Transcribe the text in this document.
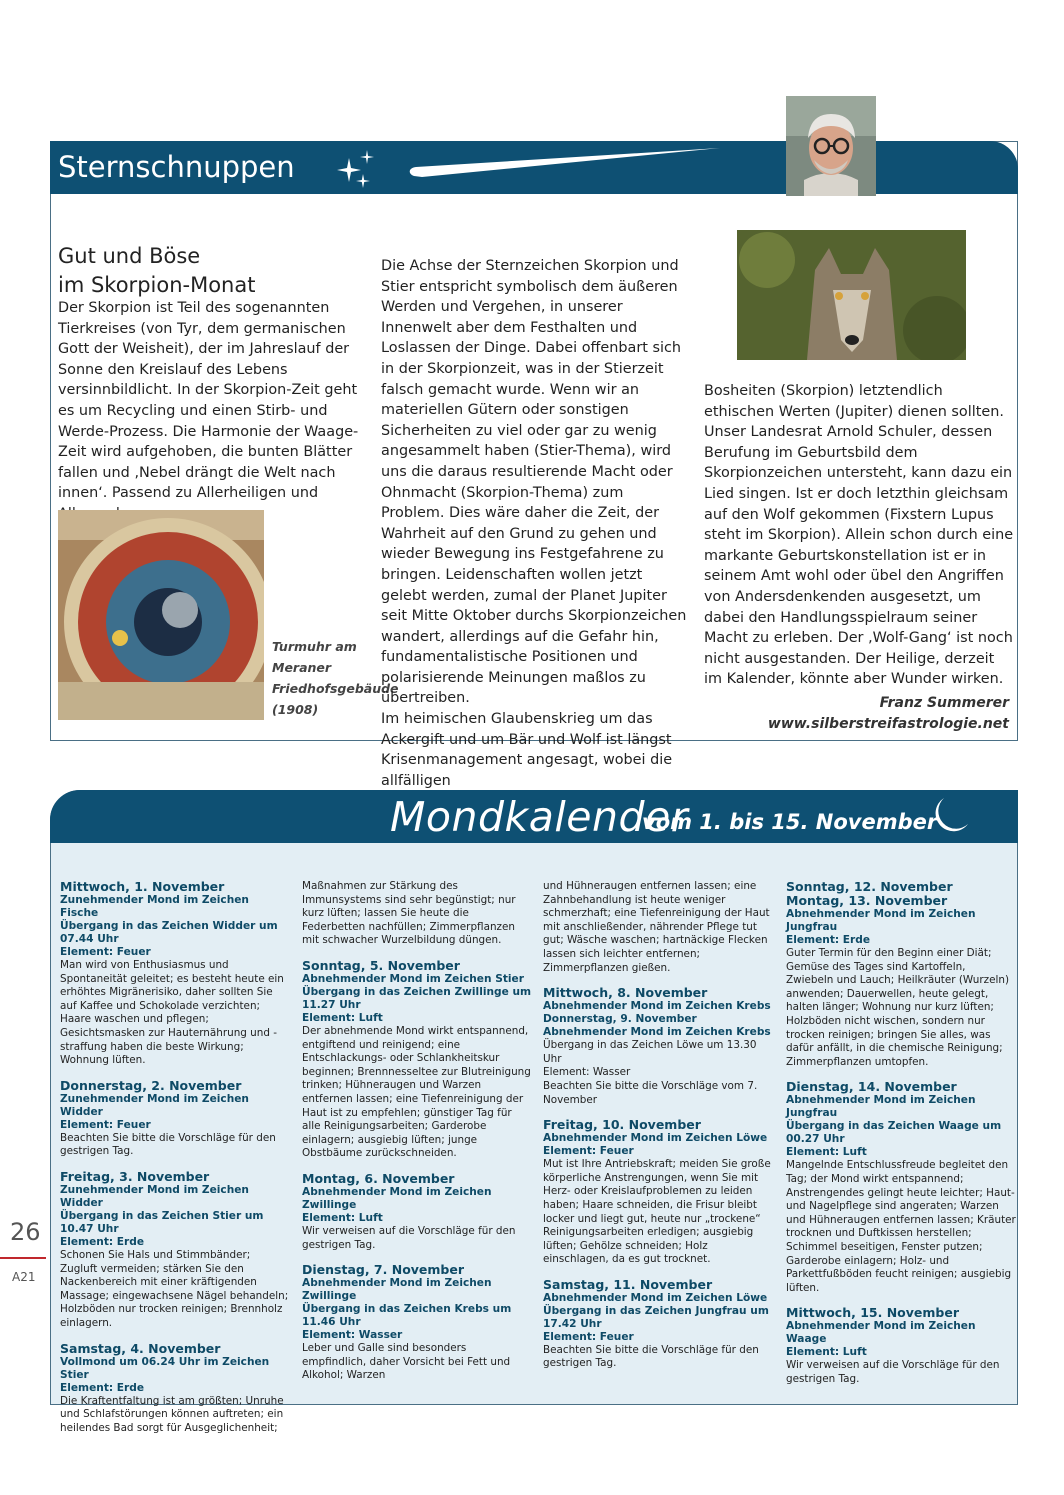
Sternschnuppen
Gut und Böse
im Skorpion-Monat

Der Skorpion ist Teil des sogenannten Tierkreises (von Tyr, dem germanischen Gott der Weisheit), der im Jahreslauf der Sonne den Kreislauf des Lebens versinnbildlicht. In der Skorpion-Zeit geht es um Recycling und einen Stirb- und Werde-Prozess. Die Harmonie der Waage-Zeit wird aufgehoben, die bunten Blätter fallen und ‚Nebel drängt die Welt nach innen‘. Passend zu Allerheiligen und

Turmuhr am Meraner Friedhofsgebäude (1908)

Die Achse der Sternzeichen Skorpion und Stier entspricht symbolisch dem äußeren Werden und Vergehen, in unserer Innenwelt aber dem Festhalten und Loslassen der Dinge. Dabei offenbart sich in der Skorpionzeit, was in der Stierzeit falsch gemacht wurde. Wenn wir an materiellen Gütern oder sonstigen Sicherheiten zu viel oder gar zu wenig angesammelt haben (Stier-Thema), wird uns die daraus resultierende Macht oder Ohnmacht (Skorpion-Thema) zum Problem. Dies wäre daher die Zeit, der Wahrheit auf den Grund zu gehen und wieder Bewegung ins Festgefahrene zu bringen. Leidenschaften wollen jetzt gelebt werden, zumal der Planet Jupiter seit Mitte Oktober durchs Skorpionzeichen wandert, allerdings auf die Gefahr hin, fundamentalistische Positionen und polarisierende Meinungen maßlos zu übertreiben.

Im heimischen Glaubenskrieg um das Ackergift und um Bär und Wolf ist längst Krisenmanagement angesagt, wobei die allfälligen

Bosheiten (Skorpion) letztendlich ethischen Werten (Jupiter) dienen sollten.

Unser Landesrat Arnold Schuler, dessen Berufung im Geburtsbild dem Skorpionzeichen untersteht, kann dazu ein Lied singen. Ist er doch letzthin gleichsam auf den Wolf gekommen (Fixstern Lupus steht im Skorpion). Allein schon durch eine markante Geburtskonstellation ist er in seinem Amt wohl oder übel den Angriffen von Andersdenkenden ausgesetzt, um dabei den Handlungsspielraum seiner Macht zu erleben. Der ‚Wolf-Gang‘ ist noch nicht ausgestanden. Der Heilige, derzeit im Kalender, könnte aber Wunder wirken.

Franz Summerer
www.silberstreifastrologie.net
Mondkalender
vom 1. bis 15. November
Mittwoch, 1. November
Zunehmender Mond im Zeichen Fische
Übergang in das Zeichen Widder um 07.44 Uhr
Element: Feuer
Man wird von Enthusiasmus und Spontaneität geleitet; es besteht heute ein erhöhtes Migränerisiko, daher sollten Sie auf Kaffee und Schokolade verzichten; Haare waschen und pflegen; Gesichtsmasken zur Hauternährung und -straffung haben die beste Wirkung; Wohnung lüften.
Donnerstag, 2. November
Zunehmender Mond im Zeichen Widder
Element: Feuer
Beachten Sie bitte die Vorschläge für den gestrigen Tag.
Freitag, 3. November
Zunehmender Mond im Zeichen Widder
Übergang in das Zeichen Stier um 10.47 Uhr
Element: Erde
Schonen Sie Hals und Stimmbänder; Zugluft vermeiden; stärken Sie den Nackenbereich mit einer kräftigenden Massage; eingewachsene Nägel behandeln; Holzböden nur trocken reinigen; Brennholz einlagern.
Samstag, 4. November
Vollmond um 06.24 Uhr im Zeichen Stier
Element: Erde
Die Kraftentfaltung ist am größten; Unruhe und Schlafstörungen können auftreten; ein heilendes Bad sorgt für Ausgeglichenheit;
Maßnahmen zur Stärkung des Immunsystems sind sehr begünstigt; nur kurz lüften; lassen Sie heute die Federbetten nachfüllen; Zimmerpflanzen mit schwacher Wurzelbildung düngen.
Sonntag, 5. November
Abnehmender Mond im Zeichen Stier
Übergang in das Zeichen Zwillinge um 11.27 Uhr
Element: Luft
Der abnehmende Mond wirkt entspannend, entgiftend und reinigend; eine Entschlackungs- oder Schlankheitskur beginnen; Brennnesseltee zur Blutreinigung trinken; Hühneraugen und Warzen entfernen lassen; eine Tiefenreinigung der Haut ist zu empfehlen; günstiger Tag für alle Reinigungsarbeiten; Garderobe einlagern; ausgiebig lüften; junge Obstbäume zurückschneiden.
Montag, 6. November
Abnehmender Mond im Zeichen Zwillinge
Element: Luft
Wir verweisen auf die Vorschläge für den gestrigen Tag.
Dienstag, 7. November
Abnehmender Mond im Zeichen Zwillinge
Übergang in das Zeichen Krebs um 11.46 Uhr
Element: Wasser
Leber und Galle sind besonders empfindlich, daher Vorsicht bei Fett und Alkohol; Warzen
und Hühneraugen entfernen lassen; eine Zahnbehandlung ist heute weniger schmerzhaft; eine Tiefenreinigung der Haut mit anschließender, nährender Pflege tut gut; Wäsche waschen; hartnäckige Flecken lassen sich leichter entfernen; Zimmerpflanzen gießen.
Mittwoch, 8. November
Abnehmender Mond im Zeichen Krebs
Donnerstag, 9. November
Abnehmender Mond im Zeichen Krebs
Übergang in das Zeichen Löwe um 13.30 Uhr
Element: Wasser
Beachten Sie bitte die Vorschläge vom 7. November
Freitag, 10. November
Abnehmender Mond im Zeichen Löwe
Element: Feuer
Mut ist Ihre Antriebskraft; meiden Sie große körperliche Anstrengungen, wenn Sie mit Herz- oder Kreislaufproblemen zu leiden haben; Haare schneiden, die Frisur bleibt locker und liegt gut, heute nur „trockene“ Reinigungsarbeiten erledigen; ausgiebig lüften; Gehölze schneiden; Holz einschlagen, da es gut trocknet.
Samstag, 11. November
Abnehmender Mond im Zeichen Löwe
Übergang in das Zeichen Jungfrau um 17.42 Uhr
Element: Feuer
Beachten Sie bitte die Vorschläge für den gestrigen Tag.
Sonntag, 12. November
Montag, 13. November
Abnehmender Mond im Zeichen Jungfrau
Element: Erde
Guter Termin für den Beginn einer Diät; Gemüse des Tages sind Kartoffeln, Zwiebeln und Lauch; Heilkräuter (Wurzeln) anwenden; Dauerwellen, heute gelegt, halten länger; Wohnung nur kurz lüften; Holzböden nicht wischen, sondern nur trocken reinigen; bringen Sie alles, was dafür anfällt, in die chemische Reinigung; Zimmerpflanzen umtopfen.
Dienstag, 14. November
Abnehmender Mond im Zeichen Jungfrau
Übergang in das Zeichen Waage um 00.27 Uhr
Element: Luft
Mangelnde Entschlussfreude begleitet den Tag; der Mond wirkt entspannend; Anstrengendes gelingt heute leichter; Haut- und Nagelpflege sind angeraten; Warzen und Hühneraugen entfernen lassen; Kräuter trocknen und Duftkissen herstellen; Schimmel beseitigen, Fenster putzen; Garderobe einlagern; Holz- und Parkettfußböden feucht reinigen; ausgiebig lüften.
Mittwoch, 15. November
Abnehmender Mond im Zeichen Waage
Element: Luft
Wir verweisen auf die Vorschläge für den gestrigen Tag.
26
A21
